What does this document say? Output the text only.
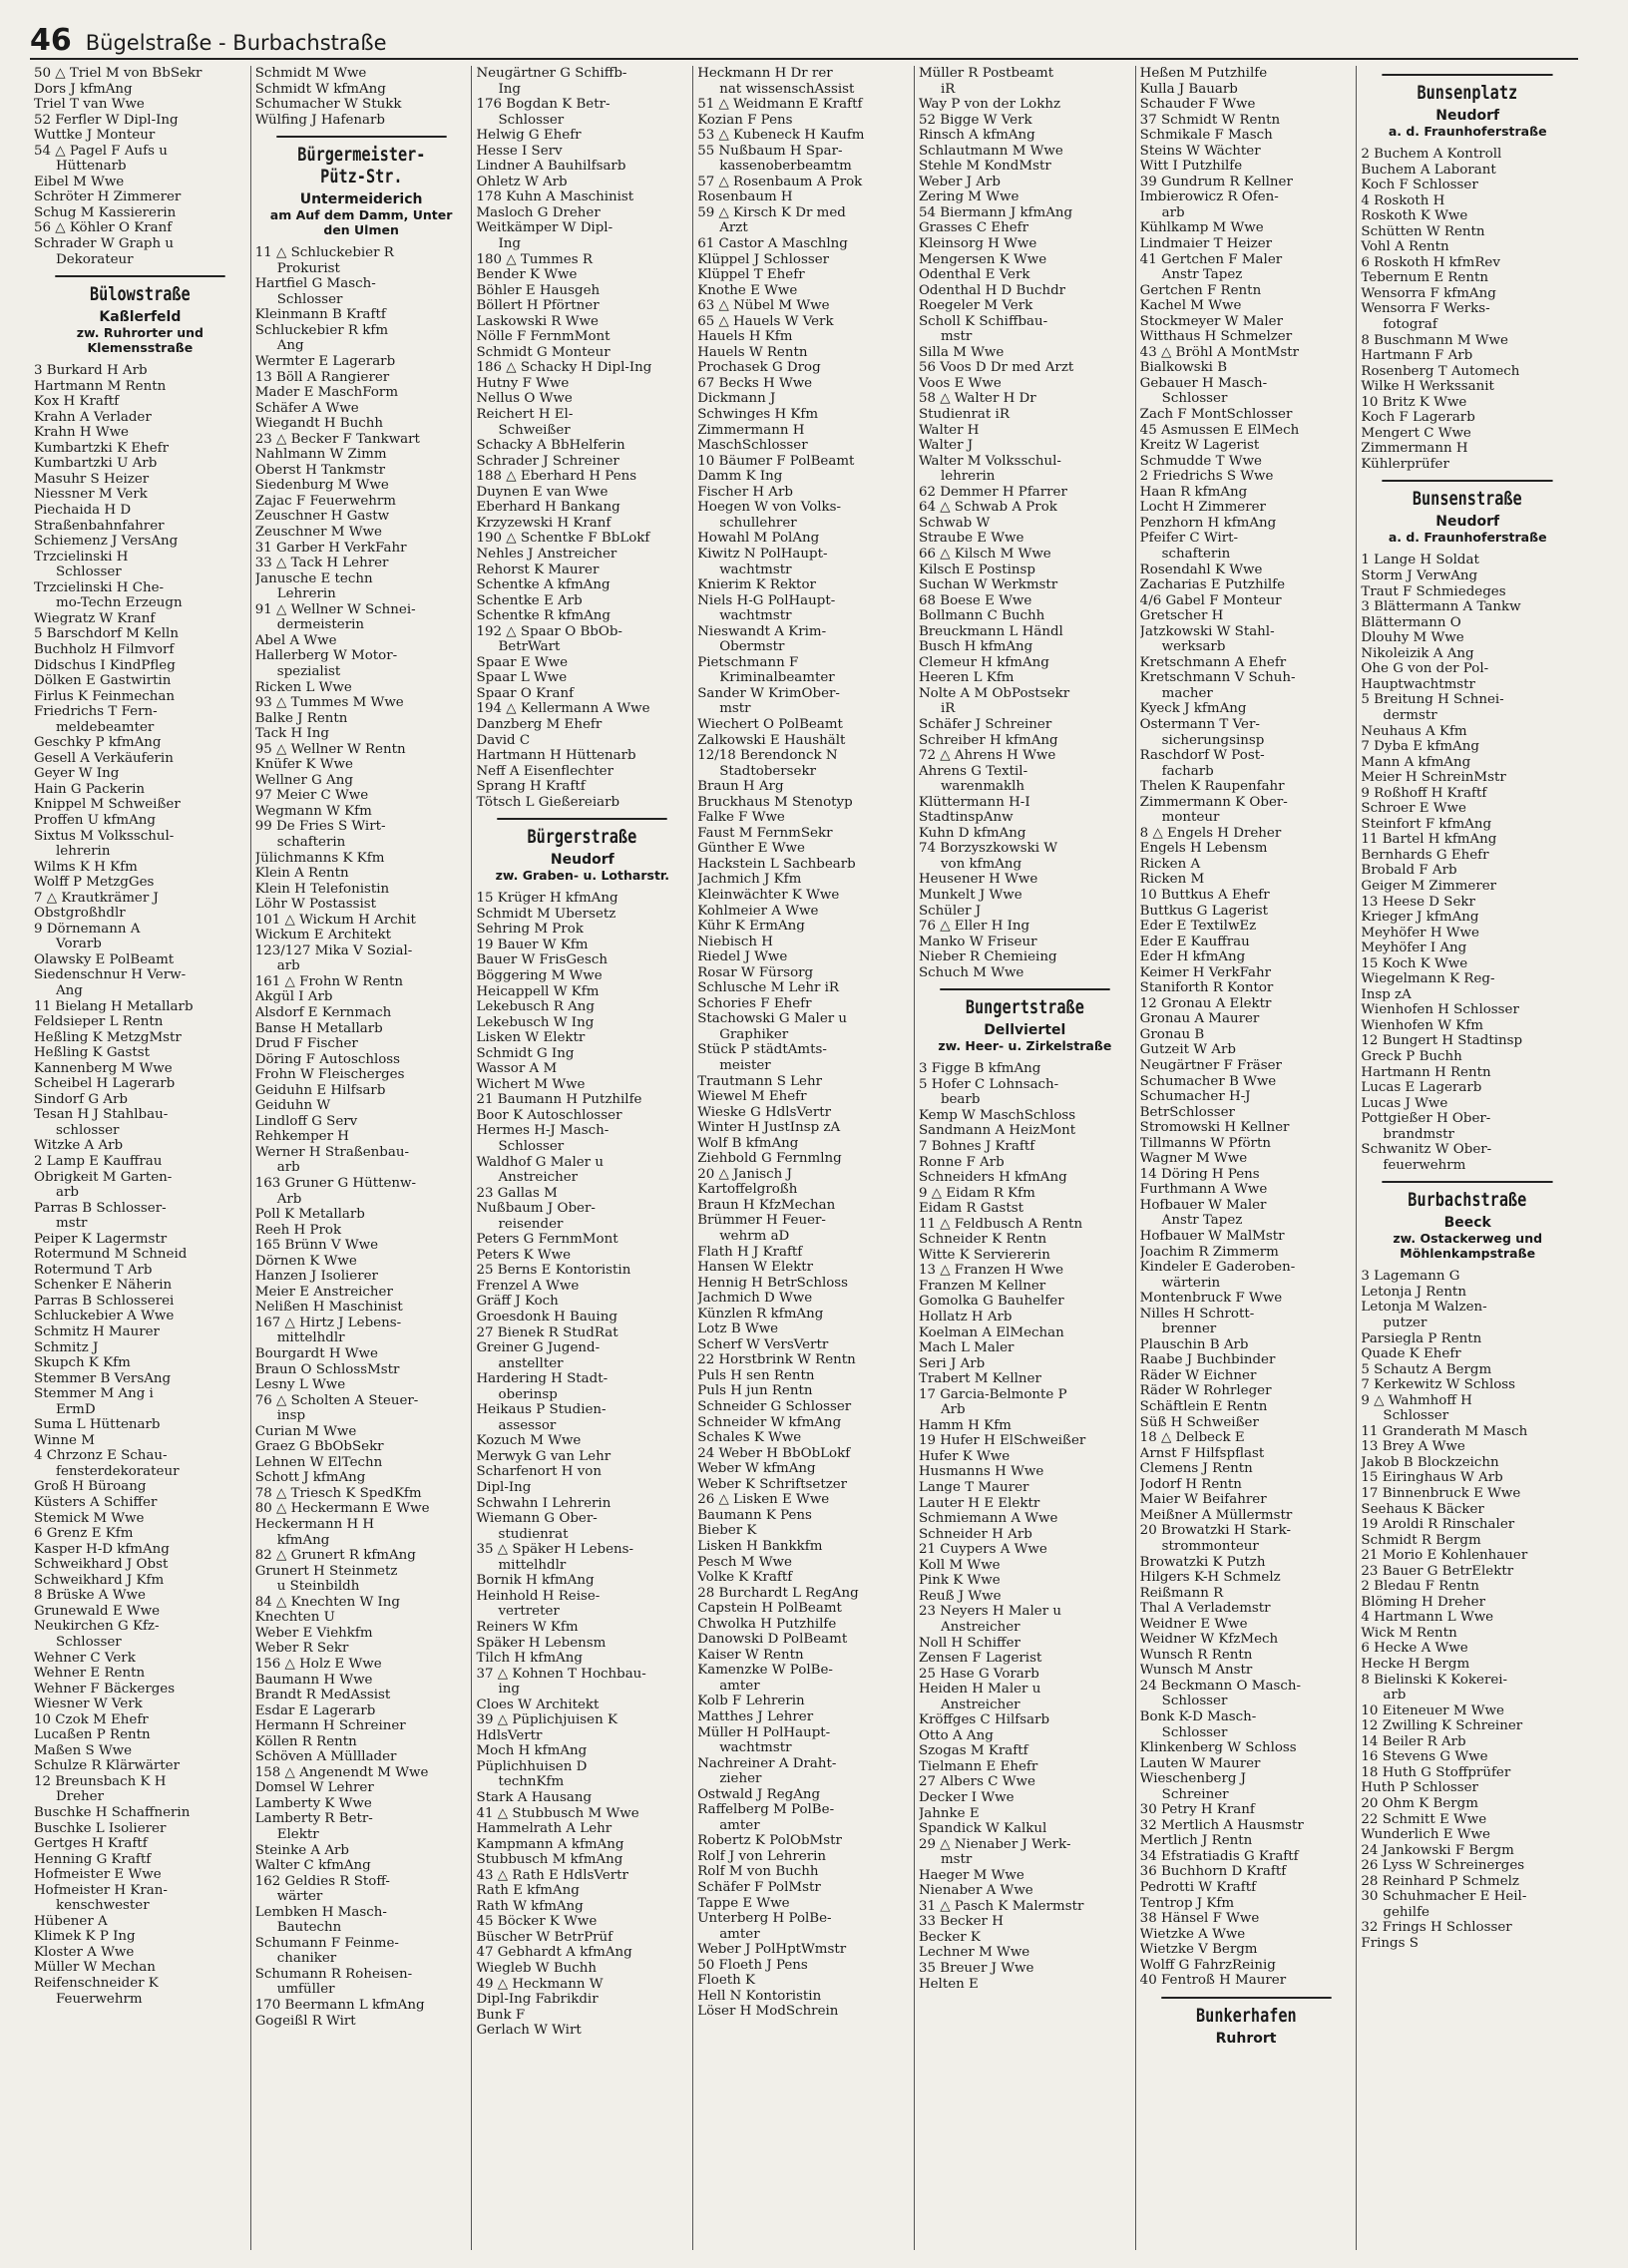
46 Bügelstraße - Burbachstraße
50 △ Triel M von BbSekr
Dors J kfmAng
Triel T van Wwe
52 Ferfler W Dipl-Ing
Wuttke J Monteur
54 △ Pagel F Aufs u
Hüttenarb
Eibel M Wwe
Schröter H Zimmerer
Schug M Kassiererin
56 △ Köhler O Kranf
Schrader W Graph u
Dekorateur
Bülowstraße
Kaßlerfeld
zw. Ruhrorter und Klemensstraße
3 Burkard H Arb
Hartmann M Rentn
Kox H Kraftf
Krahn A Verlader
Krahn H Wwe
Kumbartzki K Ehefr
Kumbartzki U Arb
Masuhr S Heizer
Niessner M Verk
Piechaida H D
Straßenbahnfahrer
Schiemenz J VersAng
Trzcielinski H
Schlosser
Trzcielinski H Che-
mo-Techn Erzeugn
Wiegratz W Kranf
5 Barschdorf M Kelln
Buchholz H Filmvorf
Didschus I KindPfleg
Dölken E Gastwirtin
Firlus K Feinmechan
Friedrichs T Fern-
meldebeamter
Geschky P kfmAng
Gesell A Verkäuferin
Geyer W Ing
Hain G Packerin
Knippel M Schweißer
Proffen U kfmAng
Sixtus M Volksschul-
lehrerin
Wilms K H Kfm
Wolff P MetzgGes
7 △ Krautkrämer J
Obstgroßhdlr
9 Dörnemann A
Vorarb
Olawsky E PolBeamt
Siedenschnur H Verw-
Ang
11 Bielang H Metallarb
Feldsieper L Rentn
Heßling K MetzgMstr
Heßling K Gastst
Kannenberg M Wwe
Scheibel H Lagerarb
Sindorf G Arb
Tesan H J Stahlbau-
schlosser
Witzke A Arb
2 Lamp E Kauffrau
Obrigkeit M Garten-
arb
Parras B Schlosser-
mstr
Peiper K Lagermstr
Rotermund M Schneid
Rotermund T Arb
Schenker E Näherin
Parras B Schlosserei
Schluckebier A Wwe
Schmitz H Maurer
Schmitz J
Skupch K Kfm
Stemmer B VersAng
Stemmer M Ang i
ErmD
Suma L Hüttenarb
Winne M
4 Chrzonz E Schau-
fensterdekorateur
Groß H Büroang
Küsters A Schiffer
Stemick M Wwe
6 Grenz E Kfm
Kasper H-D kfmAng
Schweikhard J Obst
Schweikhard J Kfm
8 Brüske A Wwe
Grunewald E Wwe
Neukirchen G Kfz-
Schlosser
Wehner C Verk
Wehner E Rentn
Wehner F Bäckerges
Wiesner W Verk
10 Czok M Ehefr
Lucaßen P Rentn
Maßen S Wwe
Schulze R Klärwärter
12 Breunsbach K H
Dreher
Buschke H Schaffnerin
Buschke L Isolierer
Gertges H Kraftf
Henning G Kraftf
Hofmeister E Wwe
Hofmeister H Kran-
kenschwester
Hübener A
Klimek K P Ing
Kloster A Wwe
Müller W Mechan
Reifenschneider K
Feuerwehrm
Schmidt M Wwe
Schmidt W kfmAng
Schumacher W Stukk
Wülfing J Hafenarb
Bürgermeister-Pütz-Str.
Untermeiderich
am Auf dem Damm, Unter den Ulmen
11 △ Schluckebier R
Prokurist
Hartfiel G Masch-
Schlosser
Kleinmann B Kraftf
Schluckebier R kfm
Ang
Wermter E Lagerarb
13 Böll A Rangierer
Mader E MaschForm
Schäfer A Wwe
Wiegandt H Buchh
23 △ Becker F Tankwart
Nahlmann W Zimm
Oberst H Tankmstr
Siedenburg M Wwe
Zajac F Feuerwehrm
Zeuschner H Gastw
Zeuschner M Wwe
31 Garber H VerkFahr
33 △ Tack H Lehrer
Janusche E techn
Lehrerin
91 △ Wellner W Schnei-
dermeisterin
Abel A Wwe
Hallerberg W Motor-
spezialist
Ricken L Wwe
93 △ Tummes M Wwe
Balke J Rentn
Tack H Ing
95 △ Wellner W Rentn
Knüfer K Wwe
Wellner G Ang
97 Meier C Wwe
Wegmann W Kfm
99 De Fries S Wirt-
schafterin
Jülichmanns K Kfm
Klein A Rentn
Klein H Telefonistin
Löhr W Postassist
101 △ Wickum H Archit
Wickum E Architekt
123/127 Mika V Sozial-
arb
161 △ Frohn W Rentn
Akgül I Arb
Alsdorf E Kernmach
Banse H Metallarb
Drud F Fischer
Döring F Autoschloss
Frohn W Fleischerges
Geiduhn E Hilfsarb
Geiduhn W
Lindloff G Serv
Rehkemper H
Werner H Straßenbau-
arb
163 Gruner G Hüttenw-
Arb
Poll K Metallarb
Reeh H Prok
165 Brünn V Wwe
Dörnen K Wwe
Hanzen J Isolierer
Meier E Anstreicher
Nelißen H Maschinist
167 △ Hirtz J Lebens-
mittelhdlr
Bourgardt H Wwe
Braun O SchlossMstr
Lesny L Wwe
76 △ Scholten A Steuer-
insp
Curian M Wwe
Graez G BbObSekr
Lehnen W ElTechn
Schott J kfmAng
78 △ Triesch K SpedKfm
80 △ Heckermann E Wwe
Heckermann H H
kfmAng
82 △ Grunert R kfmAng
Grunert H Steinmetz
u Steinbildh
84 △ Knechten W Ing
Knechten U
Weber E Viehkfm
Weber R Sekr
156 △ Holz E Wwe
Baumann H Wwe
Brandt R MedAssist
Esdar E Lagerarb
Hermann H Schreiner
Köllen R Rentn
Schöven A Mülllader
158 △ Angenendt M Wwe
Domsel W Lehrer
Lamberty K Wwe
Lamberty R Betr-
Elektr
Steinke A Arb
Walter C kfmAng
162 Geldies R Stoff-
wärter
Lembken H Masch-
Bautechn
Schumann F Feinme-
chaniker
Schumann R Roheisen-
umfüller
170 Beermann L kfmAng
Gogeißl R Wirt
Neugärtner G Schiffb-
Ing
176 Bogdan K Betr-
Schlosser
Helwig G Ehefr
Hesse I Serv
Lindner A Bauhilfsarb
Ohletz W Arb
178 Kuhn A Maschinist
Masloch G Dreher
Weitkämper W Dipl-
Ing
180 △ Tummes R
Bender K Wwe
Böhler E Hausgeh
Böllert H Pförtner
Laskowski R Wwe
Nölle F FernmMont
Schmidt G Monteur
186 △ Schacky H Dipl-Ing
Hutny F Wwe
Nellus O Wwe
Reichert H El-
Schweißer
Schacky A BbHelferin
Schrader J Schreiner
188 △ Eberhard H Pens
Duynen E van Wwe
Eberhard H Bankang
Krzyzewski H Kranf
190 △ Schentke F BbLokf
Nehles J Anstreicher
Rehorst K Maurer
Schentke A kfmAng
Schentke E Arb
Schentke R kfmAng
192 △ Spaar O BbOb-
BetrWart
Spaar E Wwe
Spaar L Wwe
Spaar O Kranf
194 △ Kellermann A Wwe
Danzberg M Ehefr
David C
Hartmann H Hüttenarb
Neff A Eisenflechter
Sprang H Kraftf
Tötsch L Gießereiarb
Bürgerstraße
Neudorf
zw. Graben- u. Lotharstr.
15 Krüger H kfmAng
Schmidt M Übersetz
Sehring M Prok
19 Bauer W Kfm
Bauer W FrisGesch
Böggering M Wwe
Heicappell W Kfm
Lekebusch R Ang
Lekebusch W Ing
Lisken W Elektr
Schmidt G Ing
Wassor A M
Wichert M Wwe
21 Baumann H Putzhilfe
Boor K Autoschlosser
Hermes H-J Masch-
Schlosser
Waldhof G Maler u
Anstreicher
23 Gallas M
Nußbaum J Ober-
reisender
Peters G FernmMont
Peters K Wwe
25 Berns E Kontoristin
Frenzel A Wwe
Gräff J Koch
Groesdonk H Bauing
27 Bienek R StudRat
Greiner G Jugend-
anstellter
Hardering H Stadt-
oberinsp
Heikaus P Studien-
assessor
Kozuch M Wwe
Merwyk G van Lehr
Scharfenort H von
Dipl-Ing
Schwahn I Lehrerin
Wiemann G Ober-
studienrat
35 △ Späker H Lebens-
mittelhdlr
Bornik H kfmAng
Heinhold H Reise-
vertreter
Reiners W Kfm
Späker H Lebensm
Tilch H kfmAng
37 △ Kohnen T Hochbau-
ing
Cloes W Architekt
39 △ Püplichjuisen K
HdlsVertr
Moch H kfmAng
Püplichhuisen D
technKfm
Stark A Hausang
41 △ Stubbusch M Wwe
Hammelrath A Lehr
Kampmann A kfmAng
Stubbusch M kfmAng
43 △ Rath E HdlsVertr
Rath E kfmAng
Rath W kfmAng
45 Böcker K Wwe
Büscher W BetrPrüf
47 Gebhardt A kfmAng
Wiegleb W Buchh
49 △ Heckmann W
Dipl-Ing Fabrikdir
Bunk F
Gerlach W Wirt
Heckmann H Dr rer
nat wissenschAssist
51 △ Weidmann E Kraftf
Kozian F Pens
53 △ Kubeneck H Kaufm
55 Nußbaum H Spar-
kassenoberbeamtm
57 △ Rosenbaum A Prok
Rosenbaum H
59 △ Kirsch K Dr med
Arzt
61 Castor A Maschlng
Klüppel J Schlosser
Klüppel T Ehefr
Knothe E Wwe
63 △ Nübel M Wwe
65 △ Hauels W Verk
Hauels H Kfm
Hauels W Rentn
Prochasek G Drog
67 Becks H Wwe
Dickmann J
Schwinges H Kfm
Zimmermann H
MaschSchlosser
10 Bäumer F PolBeamt
Damm K Ing
Fischer H Arb
Hoegen W von Volks-
schullehrer
Howahl M PolAng
Kiwitz N PolHaupt-
wachtmstr
Knierim K Rektor
Niels H-G PolHaupt-
wachtmstr
Nieswandt A Krim-
Obermstr
Pietschmann F
Kriminalbeamter
Sander W KrimOber-
mstr
Wiechert O PolBeamt
Zalkowski E Haushält
12/18 Berendonck N
Stadtobersekr
Braun H Arg
Bruckhaus M Stenotyp
Falke F Wwe
Faust M FernmSekr
Günther E Wwe
Hackstein L Sachbearb
Jachmich J Kfm
Kleinwächter K Wwe
Kohlmeier A Wwe
Kühr K ErmAng
Niebisch H
Riedel J Wwe
Rosar W Fürsorg
Schlusche M Lehr iR
Schories F Ehefr
Stachowski G Maler u
Graphiker
Stück P städtAmts-
meister
Trautmann S Lehr
Wiewel M Ehefr
Wieske G HdlsVertr
Winter H JustInsp zA
Wolf B kfmAng
Ziehbold G Fernmlng
20 △ Janisch J
Kartoffelgroßh
Braun H KfzMechan
Brümmer H Feuer-
wehrm aD
Flath H J Kraftf
Hansen W Elektr
Hennig H BetrSchloss
Jachmich D Wwe
Künzlen R kfmAng
Lotz B Wwe
Scherf W VersVertr
22 Horstbrink W Rentn
Puls H sen Rentn
Puls H jun Rentn
Schneider G Schlosser
Schneider W kfmAng
Schales K Wwe
24 Weber H BbObLokf
Weber W kfmAng
Weber K Schriftsetzer
26 △ Lisken E Wwe
Baumann K Pens
Bieber K
Lisken H Bankkfm
Pesch M Wwe
Volke K Kraftf
28 Burchardt L RegAng
Capstein H PolBeamt
Chwolka H Putzhilfe
Danowski D PolBeamt
Kaiser W Rentn
Kamenzke W PolBe-
amter
Kolb F Lehrerin
Matthes J Lehrer
Müller H PolHaupt-
wachtmstr
Nachreiner A Draht-
zieher
Ostwald J RegAng
Raffelberg M PolBe-
amter
Robertz K PolObMstr
Rolf J von Lehrerin
Rolf M von Buchh
Schäfer F PolMstr
Tappe E Wwe
Unterberg H PolBe-
amter
Weber J PolHptWmstr
50 Floeth J Pens
Floeth K
Hell N Kontoristin
Löser H ModSchrein
Müller R Postbeamt
iR
Way P von der Lokhz
52 Bigge W Verk
Rinsch A kfmAng
Schlautmann M Wwe
Stehle M KondMstr
Weber J Arb
Zering M Wwe
54 Biermann J kfmAng
Grasses C Ehefr
Kleinsorg H Wwe
Mengersen K Wwe
Odenthal E Verk
Odenthal H D Buchdr
Roegeler M Verk
Scholl K Schiffbau-
mstr
Silla M Wwe
56 Voos D Dr med Arzt
Voos E Wwe
58 △ Walter H Dr
Studienrat iR
Walter H
Walter J
Walter M Volksschul-
lehrerin
62 Demmer H Pfarrer
64 △ Schwab A Prok
Schwab W
Straube E Wwe
66 △ Kilsch M Wwe
Kilsch E Postinsp
Suchan W Werkmstr
68 Boese E Wwe
Bollmann C Buchh
Breuckmann L Händl
Busch H kfmAng
Clemeur H kfmAng
Heeren L Kfm
Nolte A M ObPostsekr
iR
Schäfer J Schreiner
Schreiber H kfmAng
72 △ Ahrens H Wwe
Ahrens G Textil-
warenmaklh
Klüttermann H-I
StadtinspAnw
Kuhn D kfmAng
74 Borzyszkowski W
von kfmAng
Heusener H Wwe
Munkelt J Wwe
Schüler J
76 △ Eller H Ing
Manko W Friseur
Nieber R Chemieing
Schuch M Wwe
Bungertstraße
Dellviertel
zw. Heer- u. Zirkelstraße
3 Figge B kfmAng
5 Hofer C Lohnsach-
bearb
Kemp W MaschSchloss
Sandmann A HeizMont
7 Bohnes J Kraftf
Ronne F Arb
Schneiders H kfmAng
9 △ Eidam R Kfm
Eidam R Gastst
11 △ Feldbusch A Rentn
Schneider K Rentn
Witte K Serviererin
13 △ Franzen H Wwe
Franzen M Kellner
Gomolka G Bauhelfer
Hollatz H Arb
Koelman A ElMechan
Mach L Maler
Seri J Arb
Trabert M Kellner
17 Garcia-Belmonte P
Arb
Hamm H Kfm
19 Hufer H ElSchweißer
Hufer K Wwe
Husmanns H Wwe
Lange T Maurer
Lauter H E Elektr
Schmiemann A Wwe
Schneider H Arb
21 Cuypers A Wwe
Koll M Wwe
Pink K Wwe
Reuß J Wwe
23 Neyers H Maler u
Anstreicher
Noll H Schiffer
Zensen F Lagerist
25 Hase G Vorarb
Heiden H Maler u
Anstreicher
Kröffges C Hilfsarb
Otto A Ang
Szogas M Kraftf
Tielmann E Ehefr
27 Albers C Wwe
Decker I Wwe
Jahnke E
Spandick W Kalkul
29 △ Nienaber J Werk-
mstr
Haeger M Wwe
Nienaber A Wwe
31 △ Pasch K Malermstr
33 Becker H
Becker K
Lechner M Wwe
35 Breuer J Wwe
Helten E
Heßen M Putzhilfe
Kulla J Bauarb
Schauder F Wwe
37 Schmidt W Rentn
Schmikale F Masch
Steins W Wächter
Witt I Putzhilfe
39 Gundrum R Kellner
Imbierowicz R Ofen-
arb
Kühlkamp M Wwe
Lindmaier T Heizer
41 Gertchen F Maler
Anstr Tapez
Gertchen F Rentn
Kachel M Wwe
Stockmeyer W Maler
Witthaus H Schmelzer
43 △ Bröhl A MontMstr
Bialkowski B
Gebauer H Masch-
Schlosser
Zach F MontSchlosser
45 Asmussen E ElMech
Kreitz W Lagerist
Schmudde T Wwe
2 Friedrichs S Wwe
Haan R kfmAng
Locht H Zimmerer
Penzhorn H kfmAng
Pfeifer C Wirt-
schafterin
Rosendahl K Wwe
Zacharias E Putzhilfe
4/6 Gabel F Monteur
Gretscher H
Jatzkowski W Stahl-
werksarb
Kretschmann A Ehefr
Kretschmann V Schuh-
macher
Kyeck J kfmAng
Ostermann T Ver-
sicherungsinsp
Raschdorf W Post-
facharb
Thelen K Raupenfahr
Zimmermann K Ober-
monteur
8 △ Engels H Dreher
Engels H Lebensm
Ricken A
Ricken M
10 Buttkus A Ehefr
Buttkus G Lagerist
Eder E TextilwEz
Eder E Kauffrau
Eder H kfmAng
Keimer H VerkFahr
Staniforth R Kontor
12 Gronau A Elektr
Gronau A Maurer
Gronau B
Gutzeit W Arb
Neugärtner F Fräser
Schumacher B Wwe
Schumacher H-J
BetrSchlosser
Stromowski H Kellner
Tillmanns W Pförtn
Wagner M Wwe
14 Döring H Pens
Furthmann A Wwe
Hofbauer W Maler
Anstr Tapez
Hofbauer W MalMstr
Joachim R Zimmerm
Kindeler E Gaderoben-
wärterin
Montenbruck F Wwe
Nilles H Schrott-
brenner
Plauschin B Arb
Raabe J Buchbinder
Räder W Eichner
Räder W Rohrleger
Schäftlein E Rentn
Süß H Schweißer
18 △ Delbeck E
Arnst F Hilfspflast
Clemens J Rentn
Jodorf H Rentn
Maier W Beifahrer
Meißner A Müllermstr
20 Browatzki H Stark-
strommonteur
Browatzki K Putzh
Hilgers K-H Schmelz
Reißmann R
Thal A Verlademstr
Weidner E Wwe
Weidner W KfzMech
Wunsch R Rentn
Wunsch M Anstr
24 Beckmann O Masch-
Schlosser
Bonk K-D Masch-
Schlosser
Klinkenberg W Schloss
Lauten W Maurer
Wieschenberg J
Schreiner
30 Petry H Kranf
32 Mertlich A Hausmstr
Mertlich J Rentn
34 Efstratiadis G Kraftf
36 Buchhorn D Kraftf
Pedrotti W Kraftf
Tentrop J Kfm
38 Hänsel F Wwe
Wietzke A Wwe
Wietzke V Bergm
Wolff G FahrzReinig
40 Fentroß H Maurer
Bunkerhafen
Ruhrort
Bunsenplatz
Neudorf
a. d. Fraunhoferstraße
2 Buchem A Kontroll
Buchem A Laborant
Koch F Schlosser
4 Roskoth H
Roskoth K Wwe
Schütten W Rentn
Vohl A Rentn
6 Roskoth H kfmRev
Tebernum E Rentn
Wensorra F kfmAng
Wensorra F Werks-
fotograf
8 Buschmann M Wwe
Hartmann F Arb
Rosenberg T Automech
Wilke H Werkssanit
10 Britz K Wwe
Koch F Lagerarb
Mengert C Wwe
Zimmermann H
Kühlerprüfer
Bunsenstraße
Neudorf
a. d. Fraunhoferstraße
1 Lange H Soldat
Storm J VerwAng
Traut F Schmiedeges
3 Blättermann A Tankw
Blättermann O
Dlouhy M Wwe
Nikoleizik A Ang
Ohe G von der Pol-
Hauptwachtmstr
5 Breitung H Schnei-
dermstr
Neuhaus A Kfm
7 Dyba E kfmAng
Mann A kfmAng
Meier H SchreinMstr
9 Roßhoff H Kraftf
Schroer E Wwe
Steinfort F kfmAng
11 Bartel H kfmAng
Bernhards G Ehefr
Brobald F Arb
Geiger M Zimmerer
13 Heese D Sekr
Krieger J kfmAng
Meyhöfer H Wwe
Meyhöfer I Ang
15 Koch K Wwe
Wiegelmann K Reg-
Insp zA
Wienhofen H Schlosser
Wienhofen W Kfm
12 Bungert H Stadtinsp
Greck P Buchh
Hartmann H Rentn
Lucas E Lagerarb
Lucas J Wwe
Pottgießer H Ober-
brandmstr
Schwanitz W Ober-
feuerwehrm
Burbachstraße
Beeck
zw. Ostackerweg und Möhlenkampstraße
3 Lagemann G
Letonja J Rentn
Letonja M Walzen-
putzer
Parsiegla P Rentn
Quade K Ehefr
5 Schautz A Bergm
7 Kerkewitz W Schloss
9 △ Wahmhoff H
Schlosser
11 Granderath M Masch
13 Brey A Wwe
Jakob B Blockzeichn
15 Eiringhaus W Arb
17 Binnenbruck E Wwe
Seehaus K Bäcker
19 Aroldi R Rinschaler
Schmidt R Bergm
21 Morio E Kohlenhauer
23 Bauer G BetrElektr
2 Bledau F Rentn
Blöming H Dreher
4 Hartmann L Wwe
Wick M Rentn
6 Hecke A Wwe
Hecke H Bergm
8 Bielinski K Kokerei-
arb
10 Eiteneuer M Wwe
12 Zwilling K Schreiner
14 Beiler R Arb
16 Stevens G Wwe
18 Huth G Stoffprüfer
Huth P Schlosser
20 Ohm K Bergm
22 Schmitt E Wwe
Wunderlich E Wwe
24 Jankowski F Bergm
26 Lyss W Schreinerges
28 Reinhard P Schmelz
30 Schuhmacher E Heil-
gehilfe
32 Frings H Schlosser
Frings S
